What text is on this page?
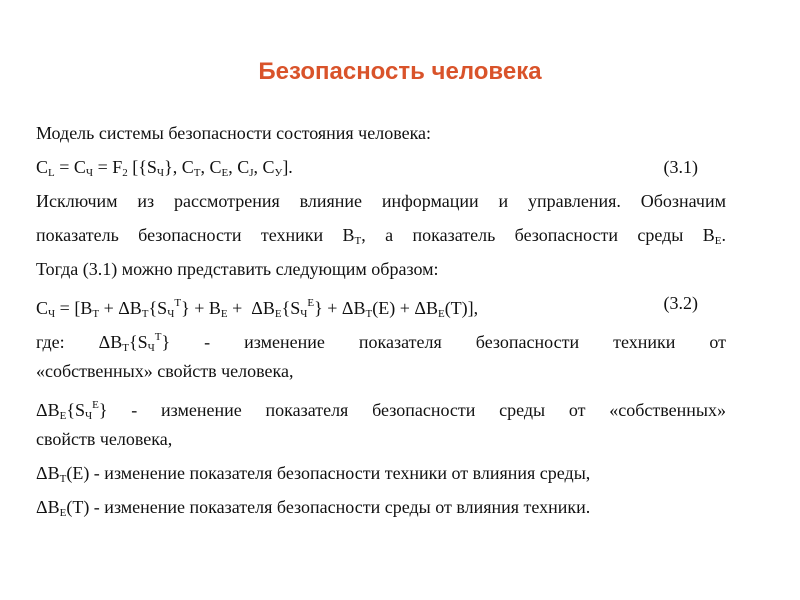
Безопасность человека
Модель системы безопасности состояния человека:
$C_L = C_Ч = F_2$ [$\{S_Ч\}$, $C_Т$, $C_Е$, $C_J$, $C_У$].	(3.1)
Исключим из рассмотрения влияние информации и управления. Обозначим
показатель безопасности техники $B_Т$, а показатель безопасности среды $B_Е$.
Тогда (3.1) можно представить следующим образом:
$C_Ч = [B_Т + \Delta B_Т\{S_Ч^Т\} + B_Е + \Delta B_Е\{S_Ч^Е\} + \Delta B_Т(Е) + \Delta B_Е(Т)]$,	(3.2)
где: $\Delta B_Т\{S_Ч^Т\}$ - изменение показателя безопасности техники от
«собственных» свойств человека,
$\Delta B_Е\{S_Ч^Е\}$ - изменение показателя безопасности среды от «собственных»
свойств человека,
$\Delta B_Т(Е)$ - изменение показателя безопасности техники от влияния среды,
$\Delta B_Е(Т)$ - изменение показателя безопасности среды от влияния техники.
